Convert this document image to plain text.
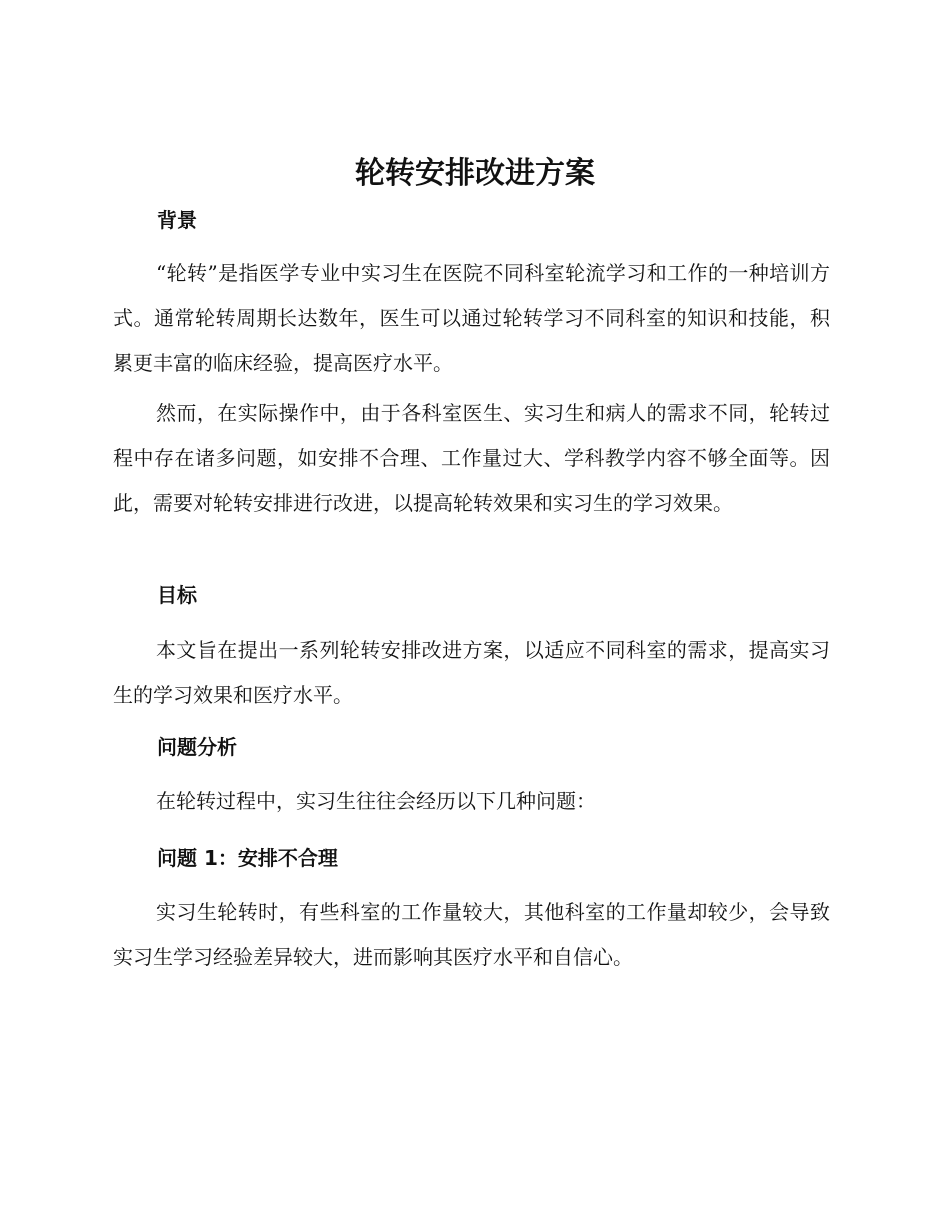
轮转安排改进方案
背景

“轮转”是指医学专业中实习生在医院不同科室轮流学习和工作的一种培训方式。通常轮转周期长达数年，医生可以通过轮转学习不同科室的知识和技能，积累更丰富的临床经验，提高医疗水平。

然而，在实际操作中，由于各科室医生、实习生和病人的需求不同，轮转过程中存在诸多问题，如安排不合理、工作量过大、学科教学内容不够全面等。因此，需要对轮转安排进行改进，以提高轮转效果和实习生的学习效果。

目标

本文旨在提出一系列轮转安排改进方案，以适应不同科室的需求，提高实习生的学习效果和医疗水平。

问题分析

在轮转过程中，实习生往往会经历以下几种问题：

问题 1：安排不合理

实习生轮转时，有些科室的工作量较大，其他科室的工作量却较少，会导致实习生学习经验差异较大，进而影响其医疗水平和自信心。
